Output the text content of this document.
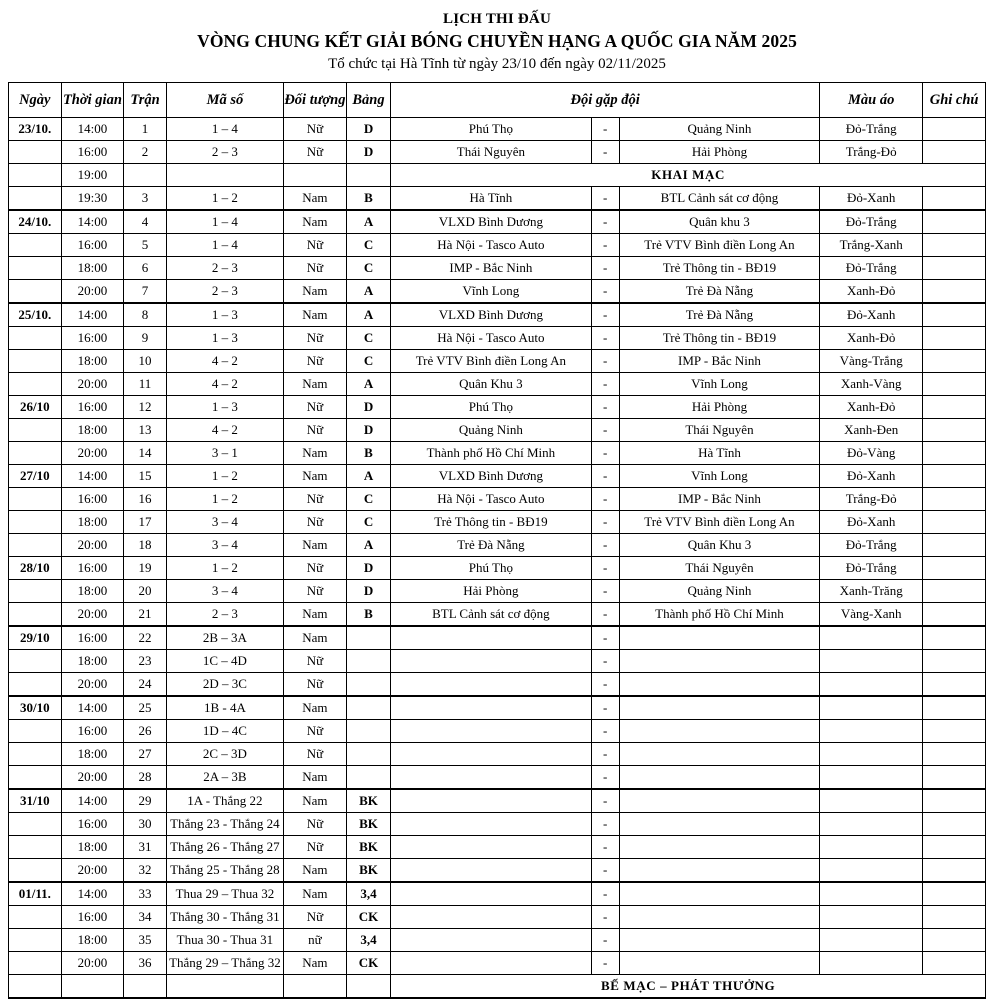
LỊCH THI ĐẤU
VÒNG CHUNG KẾT GIẢI BÓNG CHUYỀN HẠNG A QUỐC GIA NĂM 2025
Tổ chức tại Hà Tĩnh từ ngày 23/10 đến ngày 02/11/2025
Ngày	Thời gian	Trận	Mã số	Đối tượng	Bảng	Đội gặp đội			Màu áo	Ghi chú
23/10.	14:00	1	1 – 4	Nữ	D	Phú Thọ	-	Quảng Ninh	Đỏ-Trắng	
	16:00	2	2 – 3	Nữ	D	Thái Nguyên	-	Hải Phòng	Trắng-Đỏ	
	19:00					KHAI MẠC				
	19:30	3	1 – 2	Nam	B	Hà Tĩnh	-	BTL Cảnh sát cơ động	Đỏ-Xanh	
24/10.	14:00	4	1 – 4	Nam	A	VLXD Bình Dương	-	Quân khu 3	Đỏ-Trắng	
	16:00	5	1 – 4	Nữ	C	Hà Nội - Tasco Auto	-	Trẻ VTV Bình điền Long An	Trắng-Xanh	
	18:00	6	2 – 3	Nữ	C	IMP - Bắc Ninh	-	Trẻ Thông tin - BĐ19	Đỏ-Trắng	
	20:00	7	2 – 3	Nam	A	Vĩnh Long	-	Trẻ Đà Nẵng	Xanh-Đỏ	
25/10.	14:00	8	1 – 3	Nam	A	VLXD Bình Dương	-	Trẻ Đà Nẵng	Đỏ-Xanh	
	16:00	9	1 – 3	Nữ	C	Hà Nội - Tasco Auto	-	Trẻ Thông tin - BĐ19	Xanh-Đỏ	
	18:00	10	4 – 2	Nữ	C	Trẻ VTV Bình điền Long An	-	IMP - Bắc Ninh	Vàng-Trắng	
	20:00	11	4 – 2	Nam	A	Quân Khu 3	-	Vĩnh Long	Xanh-Vàng	
26/10	16:00	12	1 – 3	Nữ	D	Phú Thọ	-	Hải Phòng	Xanh-Đỏ	
	18:00	13	4 – 2	Nữ	D	Quảng Ninh	-	Thái Nguyên	Xanh-Đen	
	20:00	14	3 – 1	Nam	B	Thành phố Hồ Chí Minh	-	Hà Tĩnh	Đỏ-Vàng	
27/10	14:00	15	1 – 2	Nam	A	VLXD Bình Dương	-	Vĩnh Long	Đỏ-Xanh	
	16:00	16	1 – 2	Nữ	C	Hà Nội - Tasco Auto	-	IMP - Bắc Ninh	Trắng-Đỏ	
	18:00	17	3 – 4	Nữ	C	Trẻ Thông tin - BĐ19	-	Trẻ VTV Bình điền Long An	Đỏ-Xanh	
	20:00	18	3 – 4	Nam	A	Trẻ Đà Nẵng	-	Quân Khu 3	Đỏ-Trắng	
28/10	16:00	19	1 – 2	Nữ	D	Phú Thọ	-	Thái Nguyên	Đỏ-Trắng	
	18:00	20	3 – 4	Nữ	D	Hải Phòng	-	Quảng Ninh	Xanh-Trăng	
	20:00	21	2 – 3	Nam	B	BTL Cảnh sát cơ động	-	Thành phố Hồ Chí Minh	Vàng-Xanh	
29/10	16:00	22	2B – 3A	Nam			-			
	18:00	23	1C – 4D	Nữ			-			
	20:00	24	2D – 3C	Nữ			-			
30/10	14:00	25	1B - 4A	Nam			-			
	16:00	26	1D – 4C	Nữ			-			
	18:00	27	2C – 3D	Nữ			-			
	20:00	28	2A – 3B	Nam			-			
31/10	14:00	29	1A - Thắng 22	Nam	BK		-			
	16:00	30	Thắng 23 - Thắng 24	Nữ	BK		-			
	18:00	31	Thắng 26 - Thắng 27	Nữ	BK		-			
	20:00	32	Thắng 25 - Thắng 28	Nam	BK		-			
01/11.	14:00	33	Thua 29 – Thua 32	Nam	3,4		-			
	16:00	34	Thắng 30 - Thắng 31	Nữ	CK		-			
	18:00	35	Thua 30 - Thua 31	nữ	3,4		-			
	20:00	36	Thắng 29 – Thắng 32	Nam	CK		-			
						BẾ MẠC – PHÁT THƯỞNG				
